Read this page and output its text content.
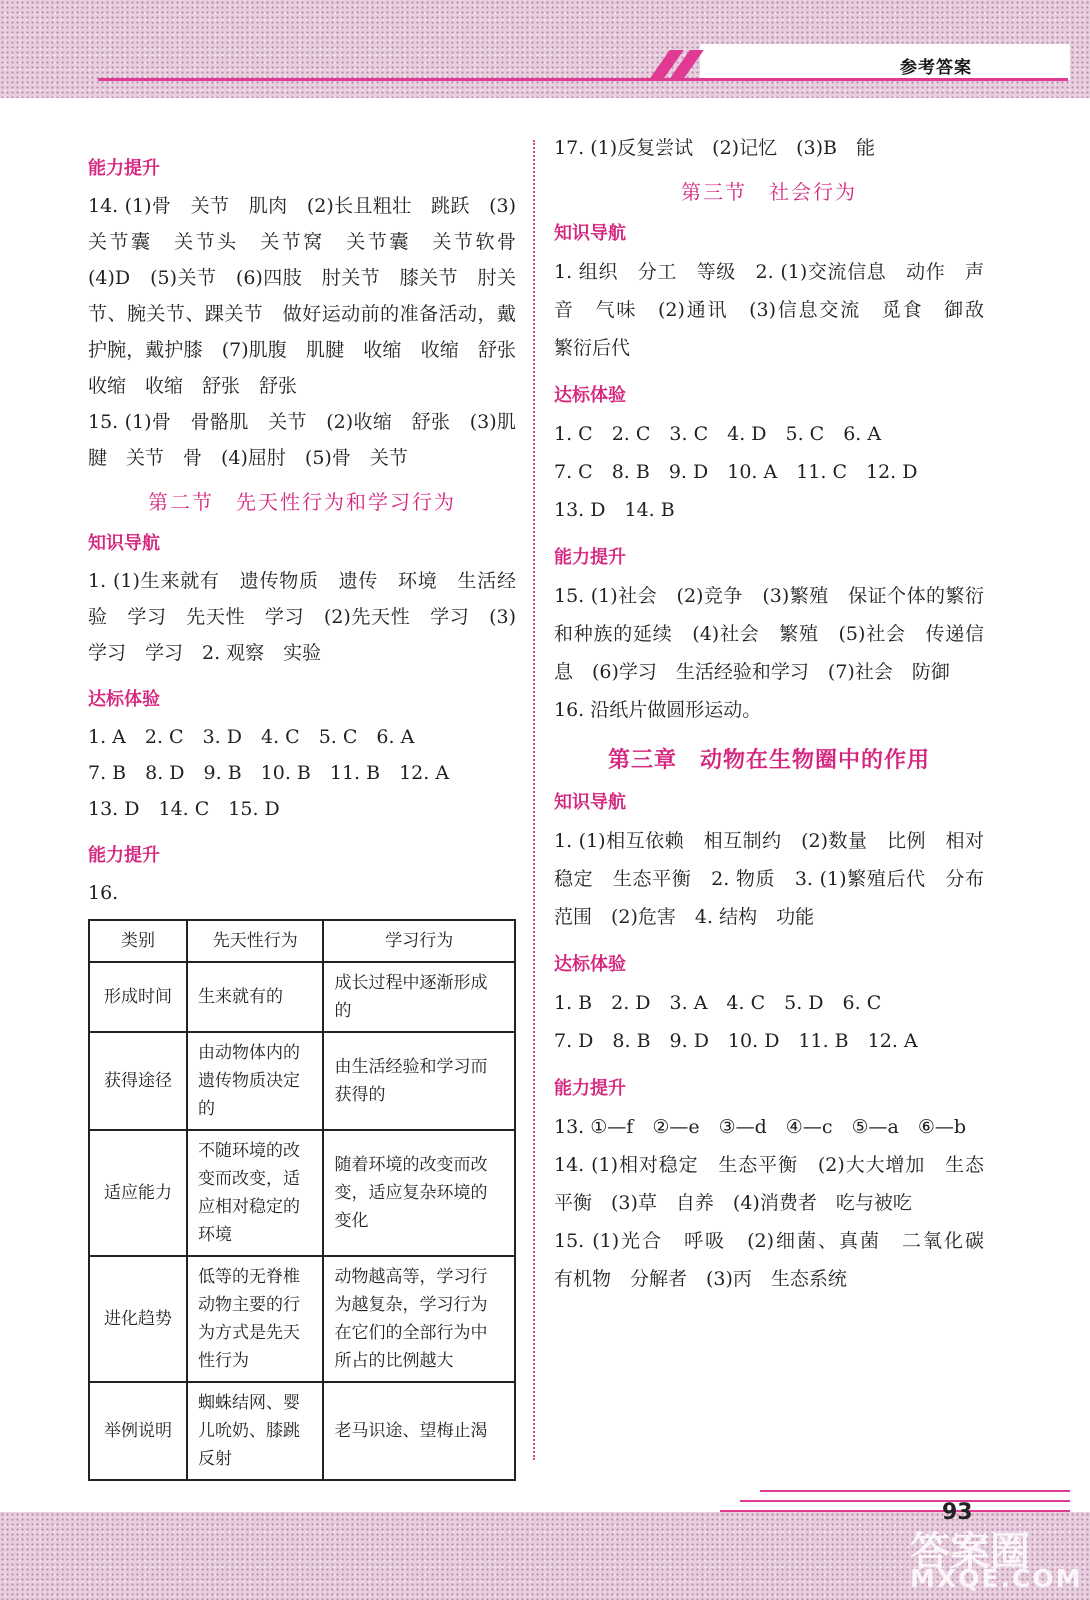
参考答案
能力提升

14. (1)骨　关节　肌肉　(2)长且粗壮　跳跃　(3)关节囊　关节头　关节窝　关节囊　关节软骨　(4)D　(5)关节　(6)四肢　肘关节　膝关节　肘关节、腕关节、踝关节　做好运动前的准备活动，戴护腕，戴护膝　(7)肌腹　肌腱　收缩　收缩　舒张　收缩　收缩　舒张　舒张

15. (1)骨　骨骼肌　关节　(2)收缩　舒张　(3)肌腱　关节　骨　(4)屈肘　(5)骨　关节

第二节　先天性行为和学习行为
知识导航

1. (1)生来就有　遗传物质　遗传　环境　生活经验　学习　先天性　学习　(2)先天性　学习　(3)学习　学习　2. 观察　实验

达标体验

1. A　2. C　3. D　4. C　5. C　6. A

7. B　8. D　9. B　10. B　11. B　12. A

13. D　14. C　15. D

能力提升

16.

类别	先天性行为	学习行为
形成时间	生来就有的	成长过程中逐渐形成的
获得途径	由动物体内的遗传物质决定的	由生活经验和学习而获得的
适应能力	不随环境的改变而改变，适应相对稳定的环境	随着环境的改变而改变，适应复杂环境的变化
进化趋势	低等的无脊椎动物主要的行为方式是先天性行为	动物越高等，学习行为越复杂，学习行为在它们的全部行为中所占的比例越大
举例说明	蜘蛛结网、婴儿吮奶、膝跳反射	老马识途、望梅止渴

17. (1)反复尝试　(2)记忆　(3)B　能

第三节　社会行为
知识导航

1. 组织　分工　等级　2. (1)交流信息　动作　声音　气味　(2)通讯　(3)信息交流　觅食　御敌　繁衍后代

达标体验

1. C　2. C　3. C　4. D　5. C　6. A

7. C　8. B　9. D　10. A　11. C　12. D

13. D　14. B

能力提升

15. (1)社会　(2)竞争　(3)繁殖　保证个体的繁衍和种族的延续　(4)社会　繁殖　(5)社会　传递信息　(6)学习　生活经验和学习　(7)社会　防御

16. 沿纸片做圆形运动。

第三章　动物在生物圈中的作用
知识导航

1. (1)相互依赖　相互制约　(2)数量　比例　相对稳定　生态平衡　2. 物质　3. (1)繁殖后代　分布范围　(2)危害　4. 结构　功能

达标体验

1. B　2. D　3. A　4. C　5. D　6. C

7. D　8. B　9. D　10. D　11. B　12. A

能力提升

13. ①—f　②—e　③—d　④—c　⑤—a　⑥—b

14. (1)相对稳定　生态平衡　(2)大大增加　生态平衡　(3)草　自养　(4)消费者　吃与被吃

15. (1)光合　呼吸　(2)细菌、真菌　二氧化碳　有机物　分解者　(3)丙　生态系统

93
答案圈
MXQE.COM
